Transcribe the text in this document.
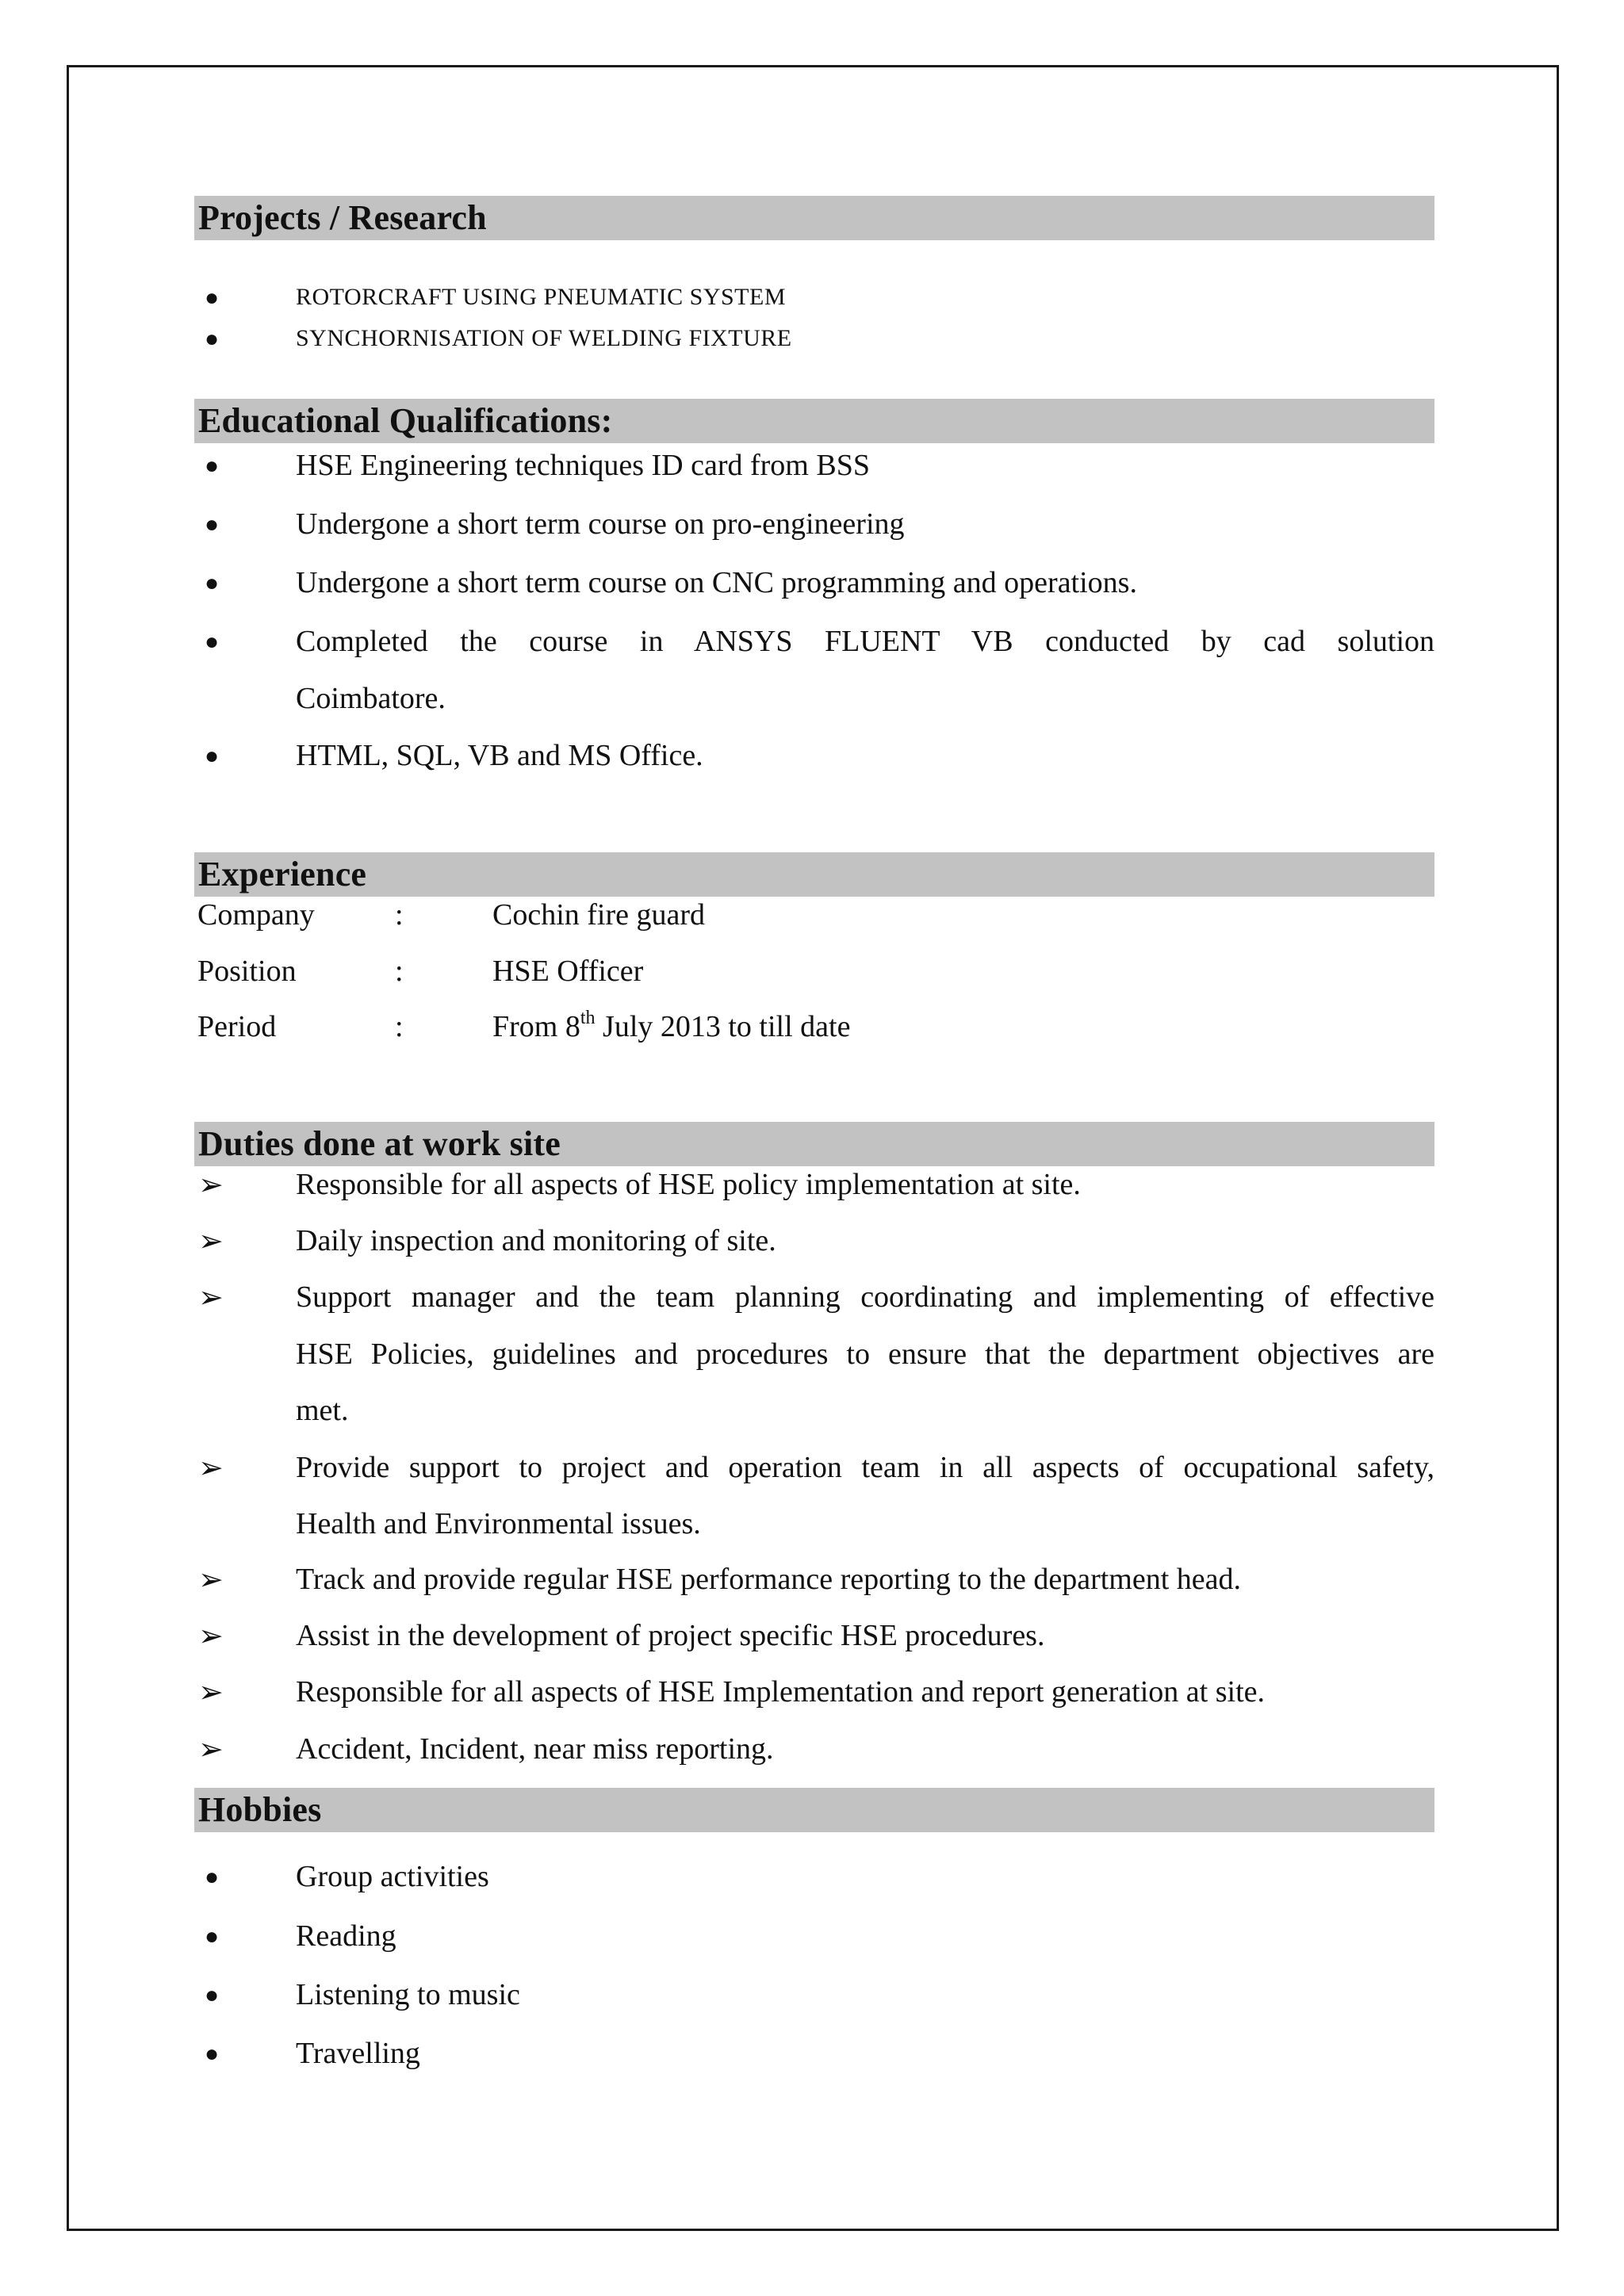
Projects / Research
●	ROTORCRAFT USING PNEUMATIC SYSTEM
●	SYNCHORNISATION OF WELDING FIXTURE
Educational Qualifications:
●	HSE Engineering techniques ID card from BSS
●	Undergone a short term course on pro-engineering
●	Undergone a short term course on CNC programming and operations.
●	Completed the course in ANSYS FLUENT VB conducted by cad solution
Coimbatore.
●	HTML, SQL, VB and MS Office.
Experience
Company	:	Cochin fire guard
Position	:	HSE Officer
Period	:	From 8th July 2013 to till date
Duties done at work site
➢ Responsible for all aspects of HSE policy implementation at site.
➢ Daily inspection and monitoring of site.
➢ Support manager and the team planning coordinating and implementing of effective
HSE Policies, guidelines and procedures to ensure that the department objectives are
met.
➢ Provide support to project and operation team in all aspects of occupational safety,
Health and Environmental issues.
➢ Track and provide regular HSE performance reporting to the department head.
➢ Assist in the development of project specific HSE procedures.
➢ Responsible for all aspects of HSE Implementation and report generation at site.
➢ Accident, Incident, near miss reporting.
Hobbies
●	Group activities
●	Reading
●	Listening to music
●	Travelling
